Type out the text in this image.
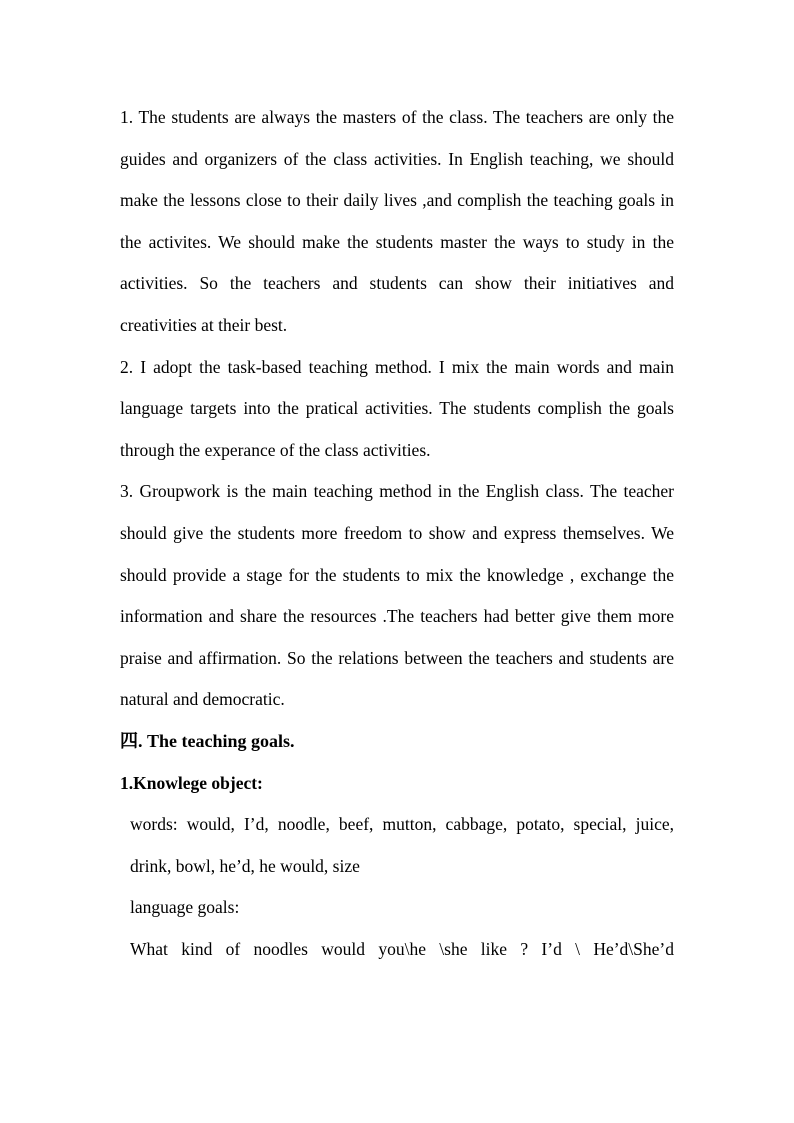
1. The students are always the masters of the class. The teachers are only the guides and organizers of the class activities. In English teaching, we should make the lessons close to their daily lives ,and complish the teaching goals in the activites. We should make the students master the ways to study in the activities. So the teachers and students can show their initiatives and creativities at their best.

2. I adopt the task-based teaching method. I mix the main words and main language targets into the pratical activities. The students complish the goals through the experance of the class activities.

3. Groupwork is the main teaching method in the English class. The teacher should give the students more freedom to show and express themselves. We should provide a stage for the students to mix the knowledge , exchange the information and share the resources .The teachers had better give them more praise and affirmation. So the relations between the teachers and students are natural and democratic.

四. The teaching goals.

1.Knowlege object:

words: would, I’d, noodle, beef, mutton, cabbage, potato, special, juice, drink, bowl, he’d, he would, size

language goals:

What kind of noodles would you\he \she like ? I’d \ He’d\She’d
